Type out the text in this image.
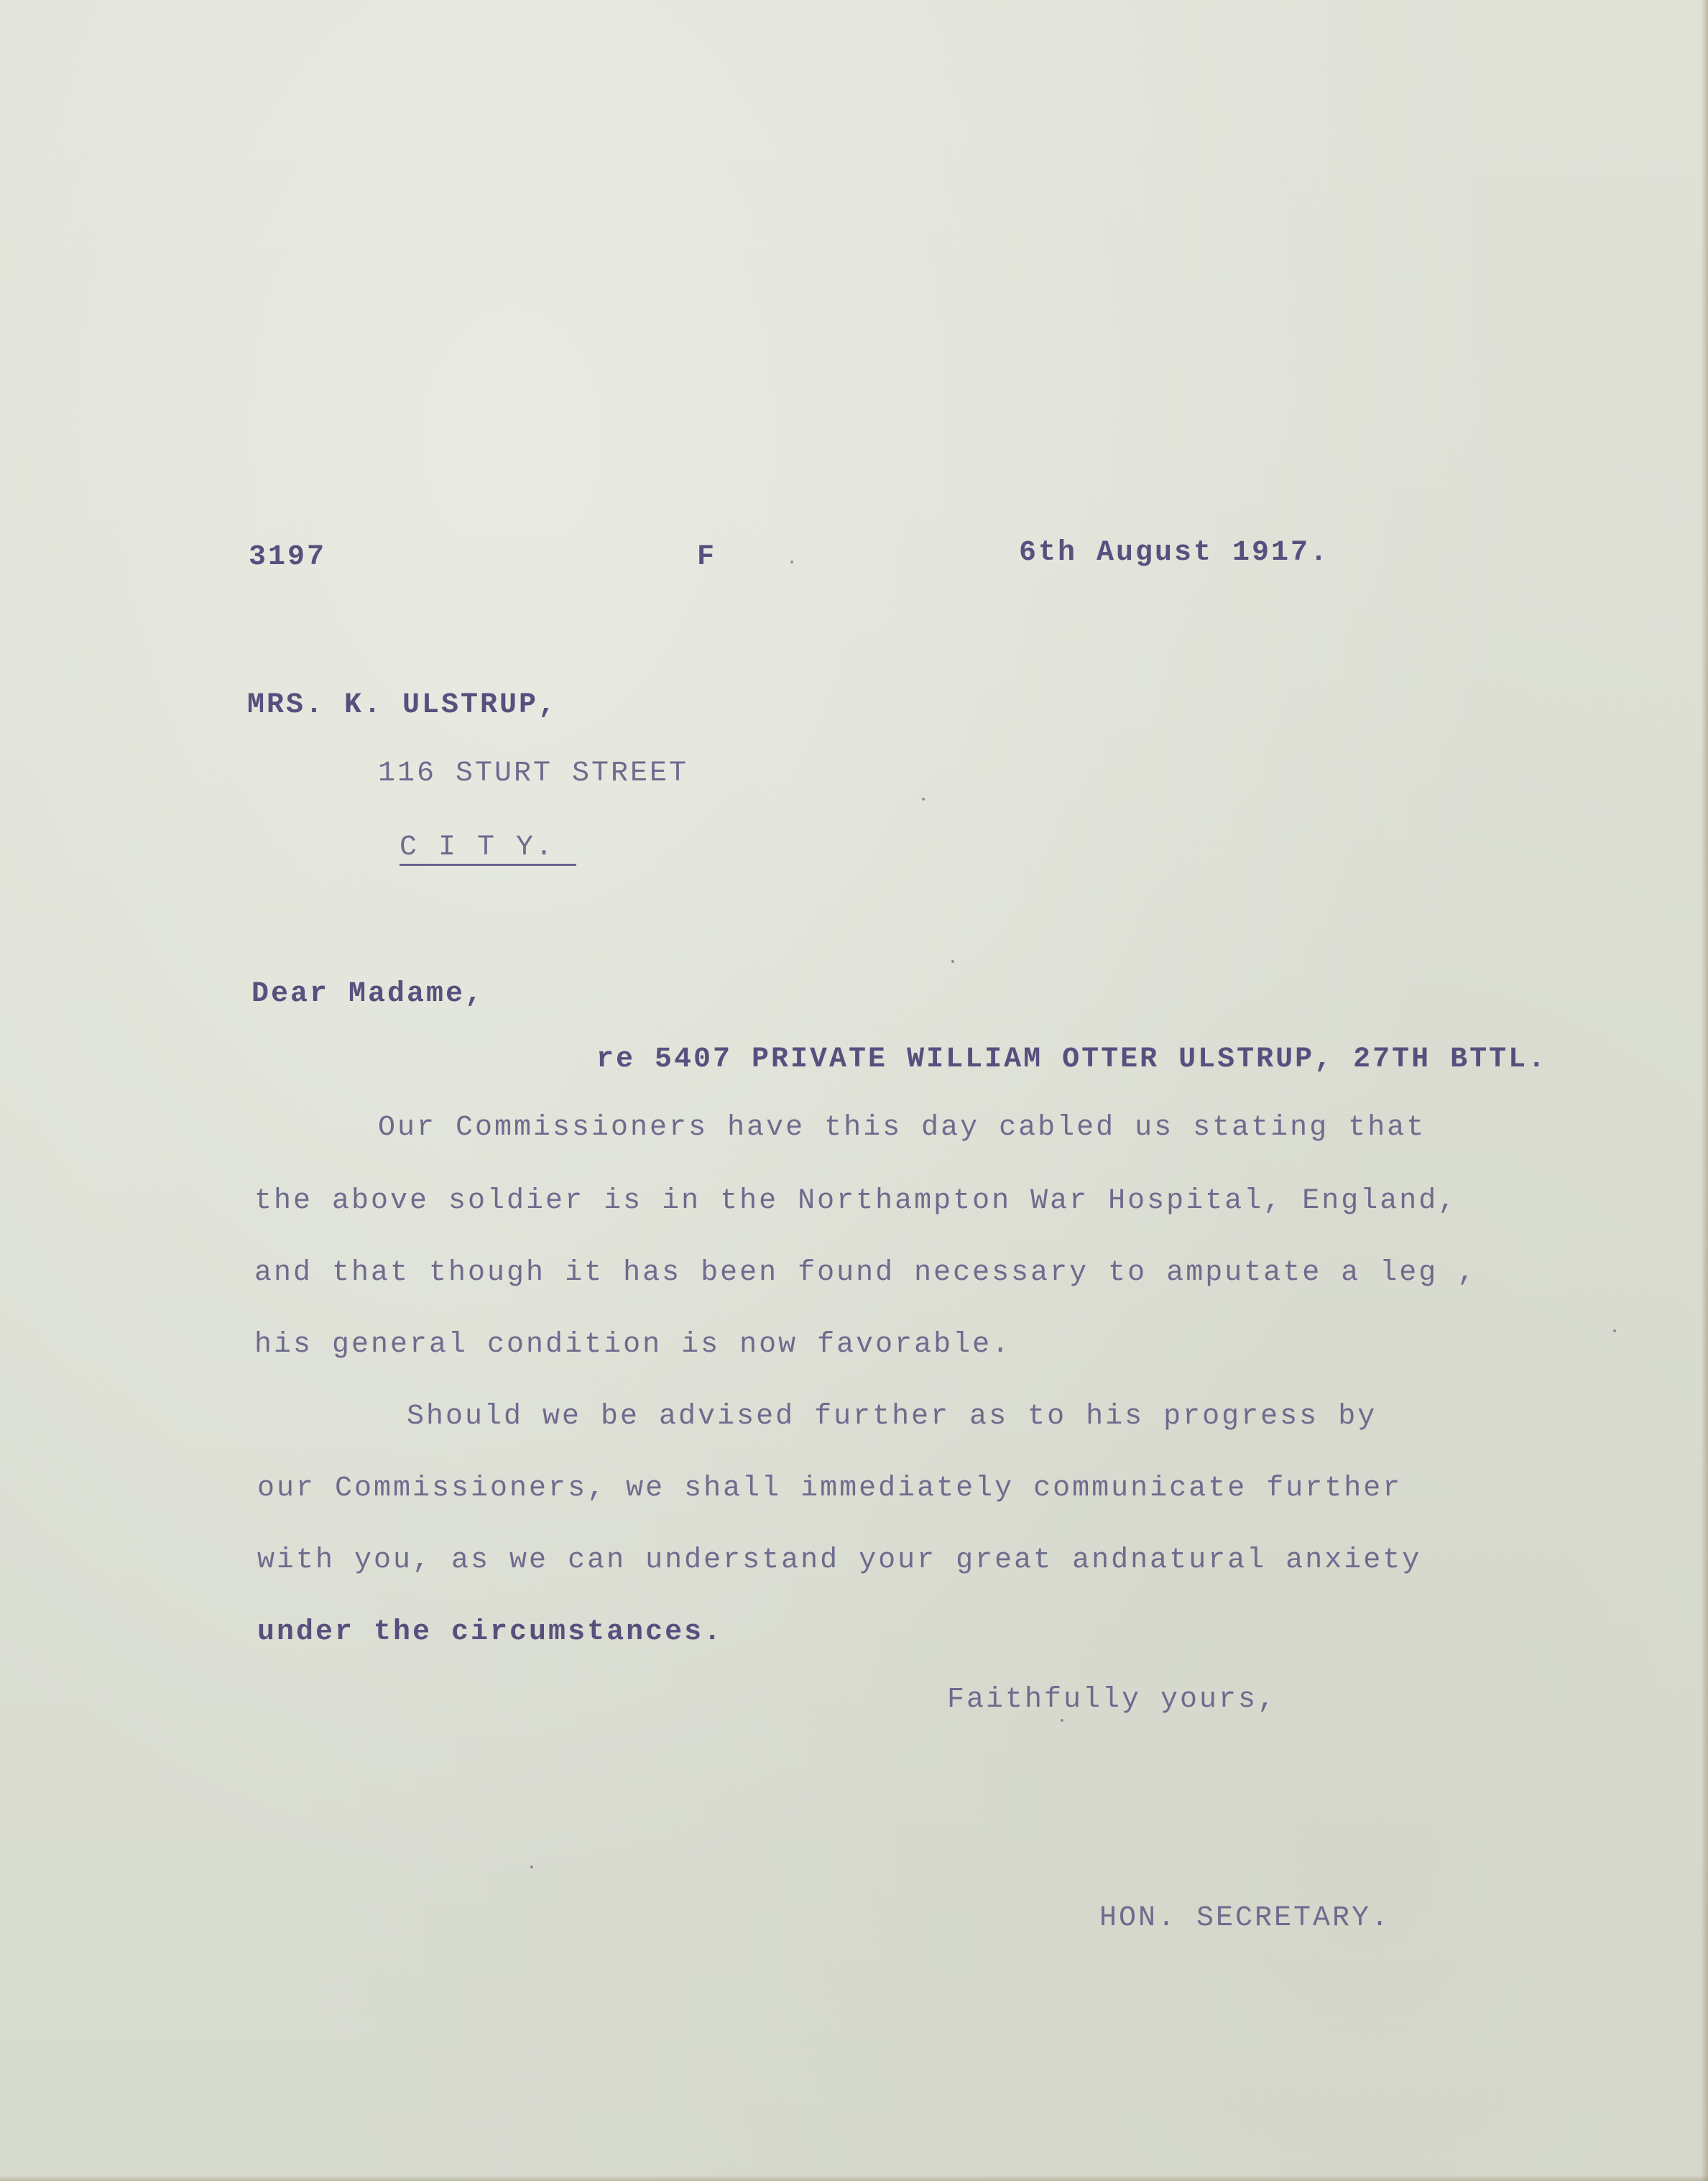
3197	F	6th August 1917.
MRS. K. ULSTRUP,
116 STURT STREET
C I T Y.
Dear Madame,
re 5407 PRIVATE WILLIAM OTTER ULSTRUP, 27TH BTTL.
Our Commissioners have this day cabled us stating that
the above soldier is in the Northampton War Hospital, England,
and that though it has been found necessary to amputate a leg ,
his general condition is now favorable.
Should we be advised further as to his progress by
our Commissioners, we shall immediately communicate further
with you, as we can understand your great andnatural anxiety
under the circumstances.
Faithfully yours,
HON. SECRETARY.
